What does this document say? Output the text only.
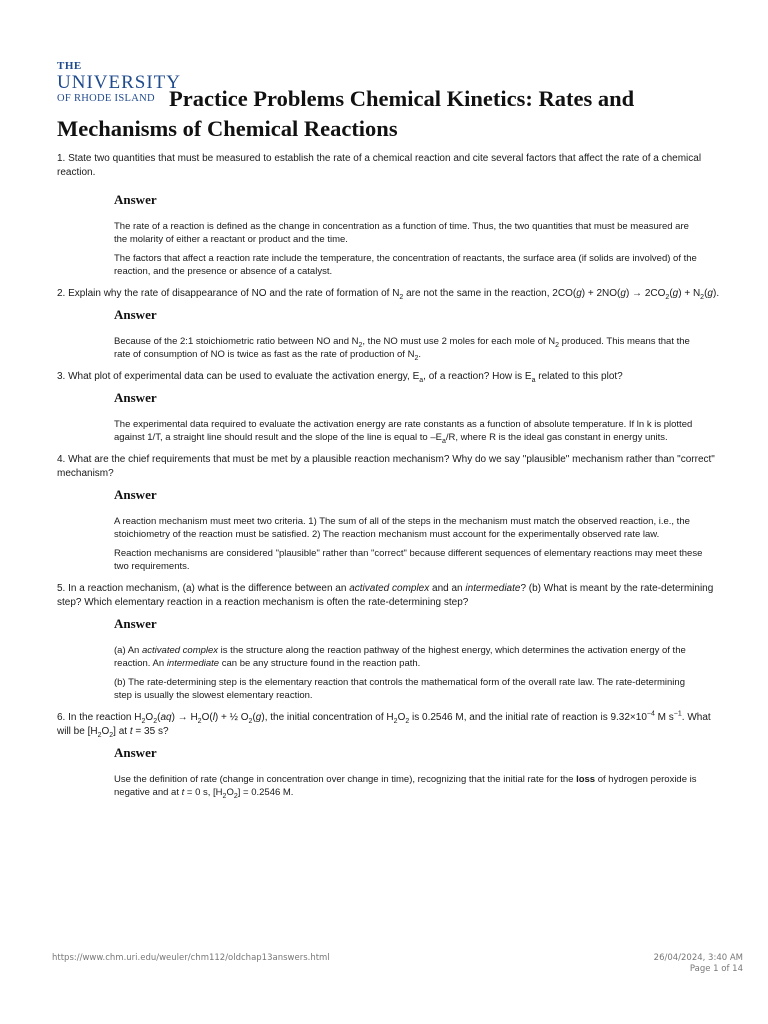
THE
UNIVERSITY
OF RHODE ISLAND Practice Problems Chemical Kinetics: Rates and
Mechanisms of Chemical Reactions

1. State two quantities that must be measured to establish the rate of a chemical reaction and cite several factors that affect the rate of a chemical reaction.

Answer

The rate of a reaction is defined as the change in concentration as a function of time. Thus, the two quantities that must be measured are
the molarity of either a reactant or product and the time.

The factors that affect a reaction rate include the temperature, the concentration of reactants, the surface area (if solids are involved) of the
reaction, and the presence or absence of a catalyst.

2. Explain why the rate of disappearance of NO and the rate of formation of $N_2$ are not the same in the reaction, $2CO(g) + 2NO(g) \to 2CO_2(g) + N_2(g)$.

Answer

Because of the 2:1 stoichiometric ratio between NO and $N_2$, the NO must use 2 moles for each mole of $N_2$ produced. This means that the
rate of consumption of NO is twice as fast as the rate of production of $N_2$.

3. What plot of experimental data can be used to evaluate the activation energy, $E_a$, of a reaction? How is $E_a$ related to this plot?

Answer

The experimental data required to evaluate the activation energy are rate constants as a function of absolute temperature. If ln k is plotted
against 1/T, a straight line should result and the slope of the line is equal to $-E_a/R$, where R is the ideal gas constant in energy units.

4. What are the chief requirements that must be met by a plausible reaction mechanism? Why do we say "plausible" mechanism rather than "correct" mechanism?

Answer

A reaction mechanism must meet two criteria. 1) The sum of all of the steps in the mechanism must match the observed reaction, i.e., the
stoichiometry of the reaction must be satisfied. 2) The reaction mechanism must account for the experimentally observed rate law.

Reaction mechanisms are considered "plausible" rather than "correct" because different sequences of elementary reactions may meet these
two requirements.

5. In a reaction mechanism, (a) what is the difference between an activated complex and an intermediate? (b) What is meant by the rate-determining step? Which elementary reaction in a reaction mechanism is often the rate-determining step?

Answer

(a) An activated complex is the structure along the reaction pathway of the highest energy, which determines the activation energy of the
reaction. An intermediate can be any structure found in the reaction path.

(b) The rate-determining step is the elementary reaction that controls the mathematical form of the overall rate law. The rate-determining
step is usually the slowest elementary reaction.

6. In the reaction $H_2O_2(aq) \to H_2O(l)$ + ½ $O_2(g)$, the initial concentration of $H_2O_2$ is 0.2546 M, and the initial rate of reaction is $9.32\times 10^{-4}$ M $s^{-1}$. What will be $[H_2O_2]$ at t = 35 s?

Answer

Use the definition of rate (change in concentration over change in time), recognizing that the initial rate for the loss of hydrogen peroxide is
negative and at t = 0 s, $[H_2O_2] = 0.2546$ M.

https://www.chm.uri.edu/weuler/chm112/oldchap13answers.html	26/04/2024, 3:40 AM
Page 1 of 14
